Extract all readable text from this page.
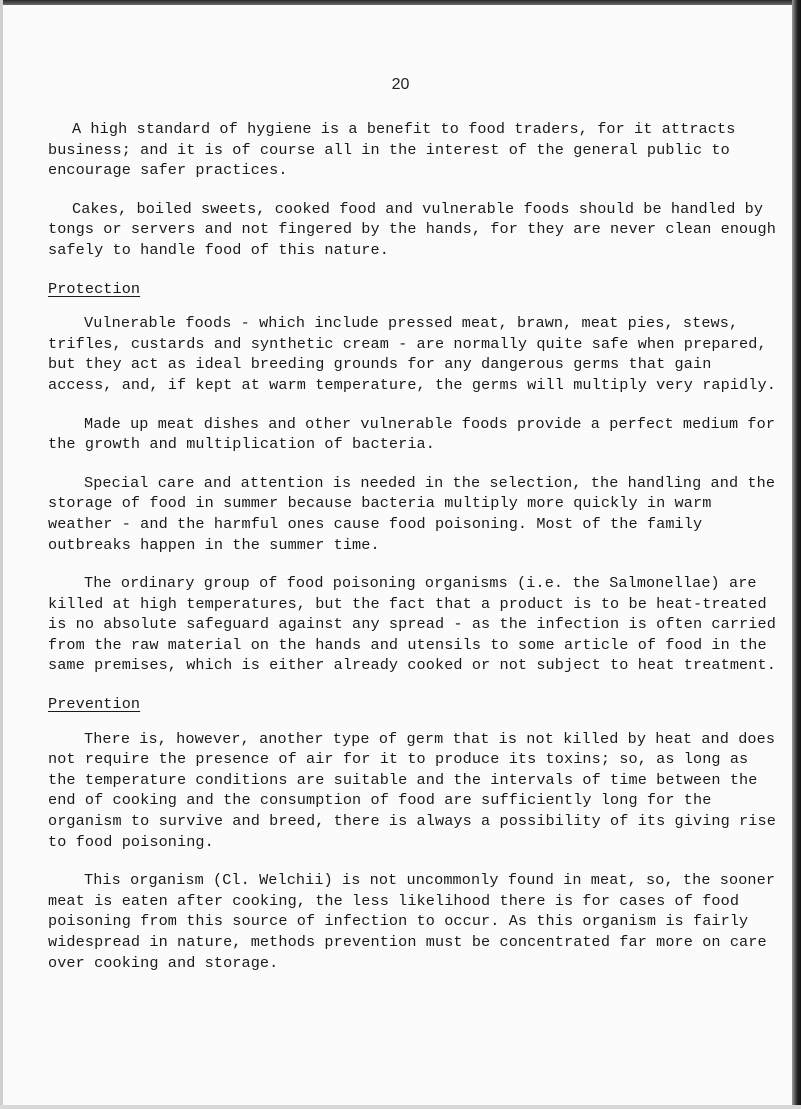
20

A high standard of hygiene is a benefit to food traders, for it attracts business; and it is of course all in the interest of the general public to encourage safer practices.

Cakes, boiled sweets, cooked food and vulnerable foods should be handled by tongs or servers and not fingered by the hands, for they are never clean enough safely to handle food of this nature.

Protection

Vulnerable foods - which include pressed meat, brawn, meat pies, stews, trifles, custards and synthetic cream - are normally quite safe when prepared, but they act as ideal breeding grounds for any dangerous germs that gain access, and, if kept at warm temperature, the germs will multiply very rapidly.

Made up meat dishes and other vulnerable foods provide a perfect medium for the growth and multiplication of bacteria.

Special care and attention is needed in the selection, the handling and the storage of food in summer because bacteria multiply more quickly in warm weather - and the harmful ones cause food poisoning. Most of the family outbreaks happen in the summer time.

The ordinary group of food poisoning organisms (i.e. the Salmonellae) are killed at high temperatures, but the fact that a product is to be heat-treated is no absolute safeguard against any spread - as the infection is often carried from the raw material on the hands and utensils to some article of food in the same premises, which is either already cooked or not subject to heat treatment.

Prevention

There is, however, another type of germ that is not killed by heat and does not require the presence of air for it to produce its toxins; so, as long as the temperature conditions are suitable and the intervals of time between the end of cooking and the consumption of food are sufficiently long for the organism to survive and breed, there is always a possibility of its giving rise to food poisoning.

This organism (Cl. Welchii) is not uncommonly found in meat, so, the sooner meat is eaten after cooking, the less likelihood there is for cases of food poisoning from this source of infection to occur. As this organism is fairly widespread in nature, methods prevention must be concentrated far more on care over cooking and storage.
